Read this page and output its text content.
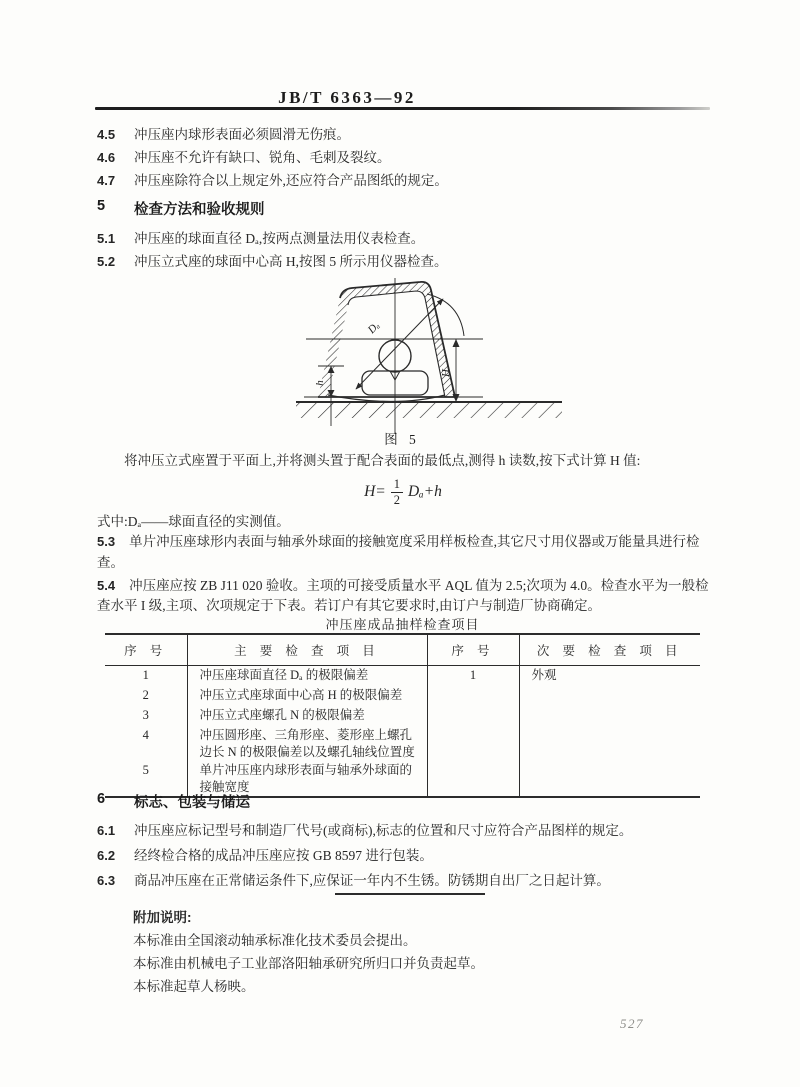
JB/T 6363—92
4.5	冲压座内球形表面必须圆滑无伤痕。
4.6	冲压座不允许有缺口、锐角、毛刺及裂纹。
4.7	冲压座除符合以上规定外,还应符合产品图纸的规定。
5	检查方法和验收规则
5.1	冲压座的球面直径 Dₐ,按两点测量法用仪表检查。
5.2	冲压立式座的球面中心高 H,按图 5 所示用仪器检查。
Dₐ
h
H
图 5
将冲压立式座置于平面上,并将测头置于配合表面的最低点,测得 h 读数,按下式计算 H 值:
$H= \frac{1}{2} D_a+h$
式中:Dₐ——球面直径的实测值。
5.3 单片冲压座球形内表面与轴承外球面的接触宽度采用样板检查,其它尺寸用仪器或万能量具进行检查。
5.4 冲压座应按 ZB J11 020 验收。主项的可接受质量水平 AQL 值为 2.5;次项为 4.0。检查水平为一般检查水平 I 级,主项、次项规定于下表。若订户有其它要求时,由订户与制造厂协商确定。
冲压座成品抽样检查项目
序 号	主 要 检 查 项 目	序 号	次 要 检 查 项 目
1	冲压座球面直径 Dₐ 的极限偏差	1	外观
2	冲压立式座球面中心高 H 的极限偏差		
3	冲压立式座螺孔 N 的极限偏差		
4	冲压圆形座、三角形座、菱形座上螺孔边长 N 的极限偏差以及螺孔轴线位置度		
5	单片冲压座内球形表面与轴承外球面的接触宽度		
6	标志、包装与储运
6.1	冲压座应标记型号和制造厂代号(或商标),标志的位置和尺寸应符合产品图样的规定。
6.2	经终检合格的成品冲压座应按 GB 8597 进行包装。
6.3	商品冲压座在正常储运条件下,应保证一年内不生锈。防锈期自出厂之日起计算。
附加说明:
本标准由全国滚动轴承标准化技术委员会提出。
本标准由机械电子工业部洛阳轴承研究所归口并负责起草。
本标准起草人杨映。
527
